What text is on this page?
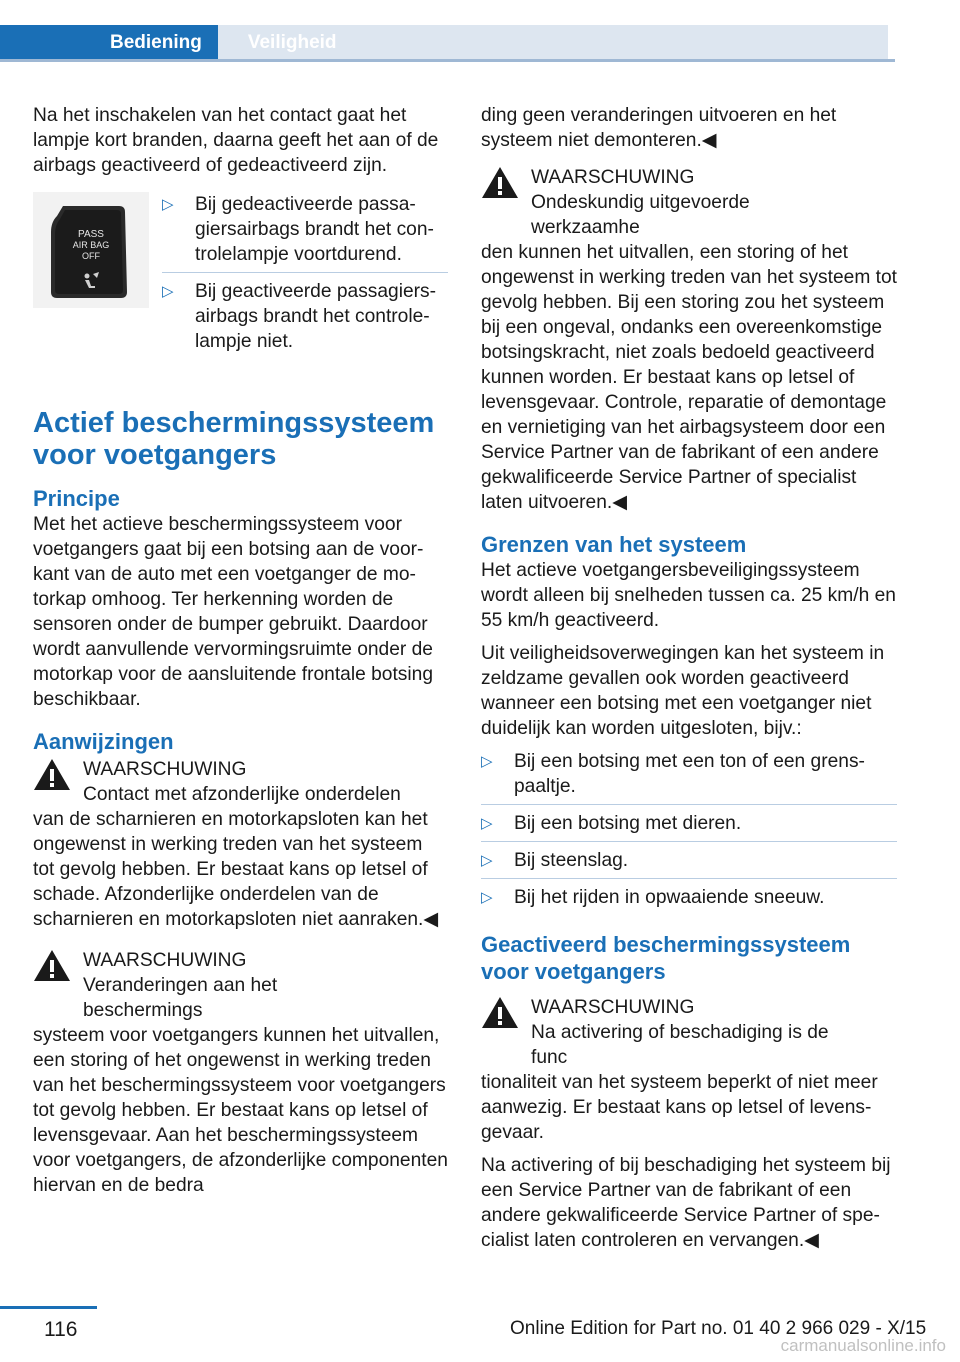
Bediening Veiligheid

Na het inschakelen van het contact gaat het lampje kort branden, daarna geeft het aan of de airbags geactiveerd of gedeactiveerd zijn.

PASS
AIR BAG
OFF
▷ Bij gedeactiveerde passagiersairbags brandt het controlelampje voortdurend.
▷ Bij geactiveerde passagiersairbags brandt het controlelampje niet.
Actief beschermingssysteem voor voetgangers
Principe

Met het actieve beschermingssysteem voor voetgangers gaat bij een botsing aan de voorkant van de auto met een voetganger de motorkap omhoog. Ter herkenning worden de sensoren onder de bumper gebruikt. Daardoor wordt aanvullende vervormingsruimte onder de motorkap voor de aansluitende frontale botsing beschikbaar.

Aanwijzingen
WAARSCHUWING
Contact met afzonderlijke onderdelen
van de scharnieren en motorkapsloten kan het ongewenst in werking treden van het systeem tot gevolg hebben. Er bestaat kans op letsel of schade. Afzonderlijke onderdelen van de scharnieren en motorkapsloten niet aanraken.◀
WAARSCHUWING
Veranderingen aan het beschermings
systeem voor voetgangers kunnen het uitvallen, een storing of het ongewenst in werking treden van het beschermingssysteem voor voetgangers tot gevolg hebben. Er bestaat kans op letsel of levensgevaar. Aan het beschermingssysteem voor voetgangers, de afzonderlijke componenten hiervan en de bedra

ding geen veranderingen uitvoeren en het systeem niet demonteren.◀

WAARSCHUWING
Ondeskundig uitgevoerde werkzaamhe
den kunnen het uitvallen, een storing of het ongewenst in werking treden van het systeem tot gevolg hebben. Bij een storing zou het systeem bij een ongeval, ondanks een overeenkomstige botsingskracht, niet zoals bedoeld geactiveerd kunnen worden. Er bestaat kans op letsel of levensgevaar. Controle, reparatie of demontage en vernietiging van het airbagsysteem door een Service Partner van de fabrikant of een andere gekwalificeerde Service Partner of specialist laten uitvoeren.◀
Grenzen van het systeem

Het actieve voetgangersbeveiligingssysteem wordt alleen bij snelheden tussen ca. 25 km/h en 55 km/h geactiveerd.

Uit veiligheidsoverwegingen kan het systeem in zeldzame gevallen ook worden geactiveerd wanneer een botsing met een voetganger niet duidelijk kan worden uitgesloten, bijv.:

▷ Bij een botsing met een ton of een grenspaaltje.
▷ Bij een botsing met dieren.
▷ Bij steenslag.
▷ Bij het rijden in opwaaiende sneeuw.
Geactiveerd beschermingssysteem voor voetgangers
WAARSCHUWING
Na activering of beschadiging is de func
tionaliteit van het systeem beperkt of niet meer aanwezig. Er bestaat kans op letsel of levensgevaar.

Na activering of bij beschadiging het systeem bij een Service Partner van de fabrikant of een andere gekwalificeerde Service Partner of specialist laten controleren en vervangen.◀

116	Online Edition for Part no. 01 40 2 966 029 - X/15
carmanualsonline.info
